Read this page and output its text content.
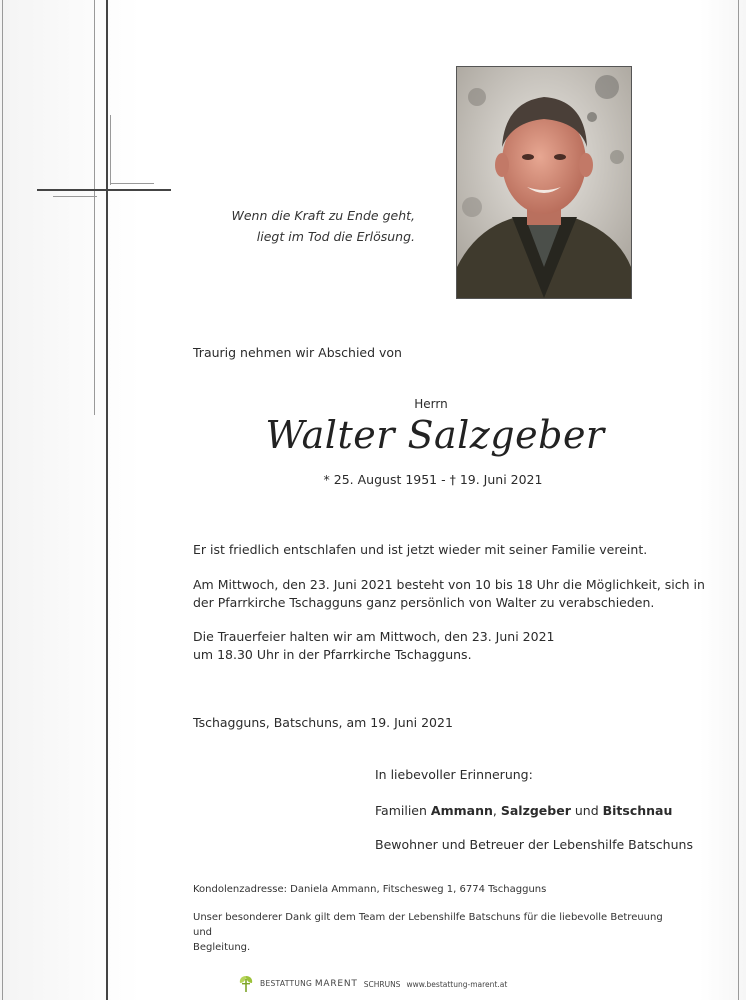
Wenn die Kraft zu Ende geht,
liegt im Tod die Erlösung.
Traurig nehmen wir Abschied von
Herrn
Walter Salzgeber
* 25. August 1951 - † 19. Juni 2021
Er ist friedlich entschlafen und ist jetzt wieder mit seiner Familie vereint.
Am Mittwoch, den 23. Juni 2021 besteht von 10 bis 18 Uhr die Möglichkeit, sich in
der Pfarrkirche Tschagguns ganz persönlich von Walter zu verabschieden.
Die Trauerfeier halten wir am Mittwoch, den 23. Juni 2021
um 18.30 Uhr in der Pfarrkirche Tschagguns.
Tschagguns, Batschuns, am 19. Juni 2021
In liebevoller Erinnerung:
Familien Ammann, Salzgeber und Bitschnau
Bewohner und Betreuer der Lebenshilfe Batschuns
Kondolenzadresse: Daniela Ammann, Fitschesweg 1, 6774 Tschagguns
Unser besonderer Dank gilt dem Team der Lebenshilfe Batschuns für die liebevolle Betreuung und
Begleitung.
BESTATTUNG MARENT SCHRUNS www.bestattung-marent.at
